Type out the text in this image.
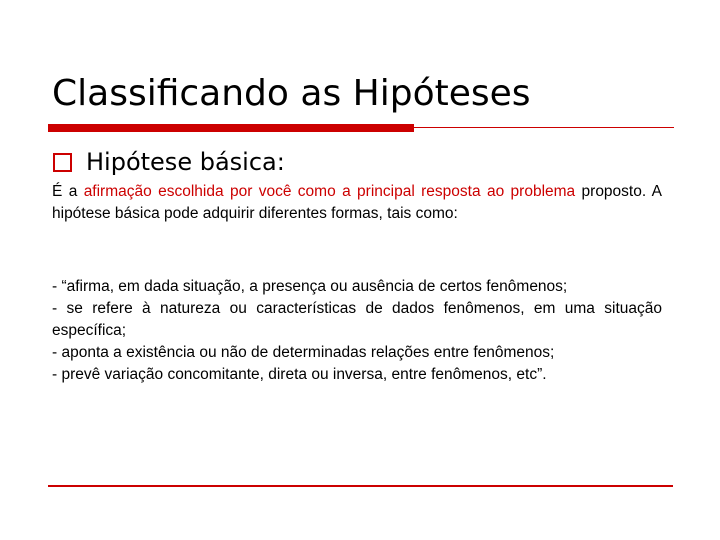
Classificando as Hipóteses
Hipótese básica:

É a afirmação escolhida por você como a principal resposta ao problema proposto. A hipótese básica pode adquirir diferentes formas, tais como:

- “afirma, em dada situação, a presença ou ausência de certos fenômenos;
- se refere à natureza ou características de dados fenômenos, em uma situação específica;
- aponta a existência ou não de determinadas relações entre fenômenos;
- prevê variação concomitante, direta ou inversa, entre fenômenos, etc”.
